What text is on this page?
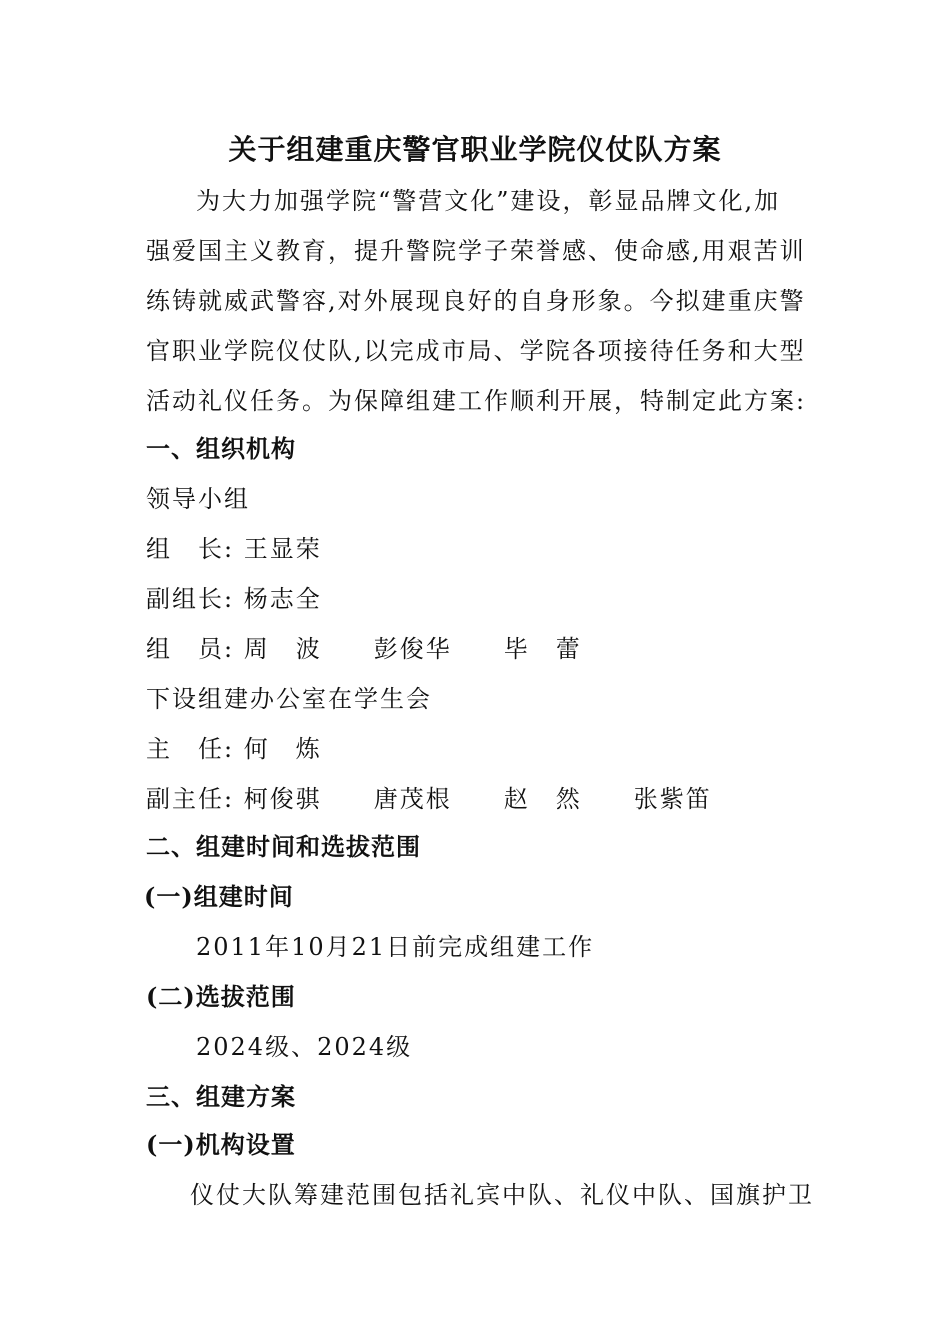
关于组建重庆警官职业学院仪仗队方案
为大力加强学院“警营文化”建设，彰显品牌文化,加
强爱国主义教育，提升警院学子荣誉感、使命感,用艰苦训
练铸就威武警容,对外展现良好的自身形象。今拟建重庆警
官职业学院仪仗队,以完成市局、学院各项接待任务和大型
活动礼仪任务。为保障组建工作顺利开展，特制定此方案:
一、组织机构
领导小组
组　长: 王显荣
副组长: 杨志全
组　员: 周　波　　彭俊华　　毕　蕾
下设组建办公室在学生会
主　任: 何　炼
副主任: 柯俊骐　　唐茂根　　赵　然　　张紫笛
二、组建时间和选拔范围
(一)组建时间
2011年10月21日前完成组建工作
(二)选拔范围
2024级、2024级
三、组建方案
(一)机构设置
仪仗大队筹建范围包括礼宾中队、礼仪中队、国旗护卫
